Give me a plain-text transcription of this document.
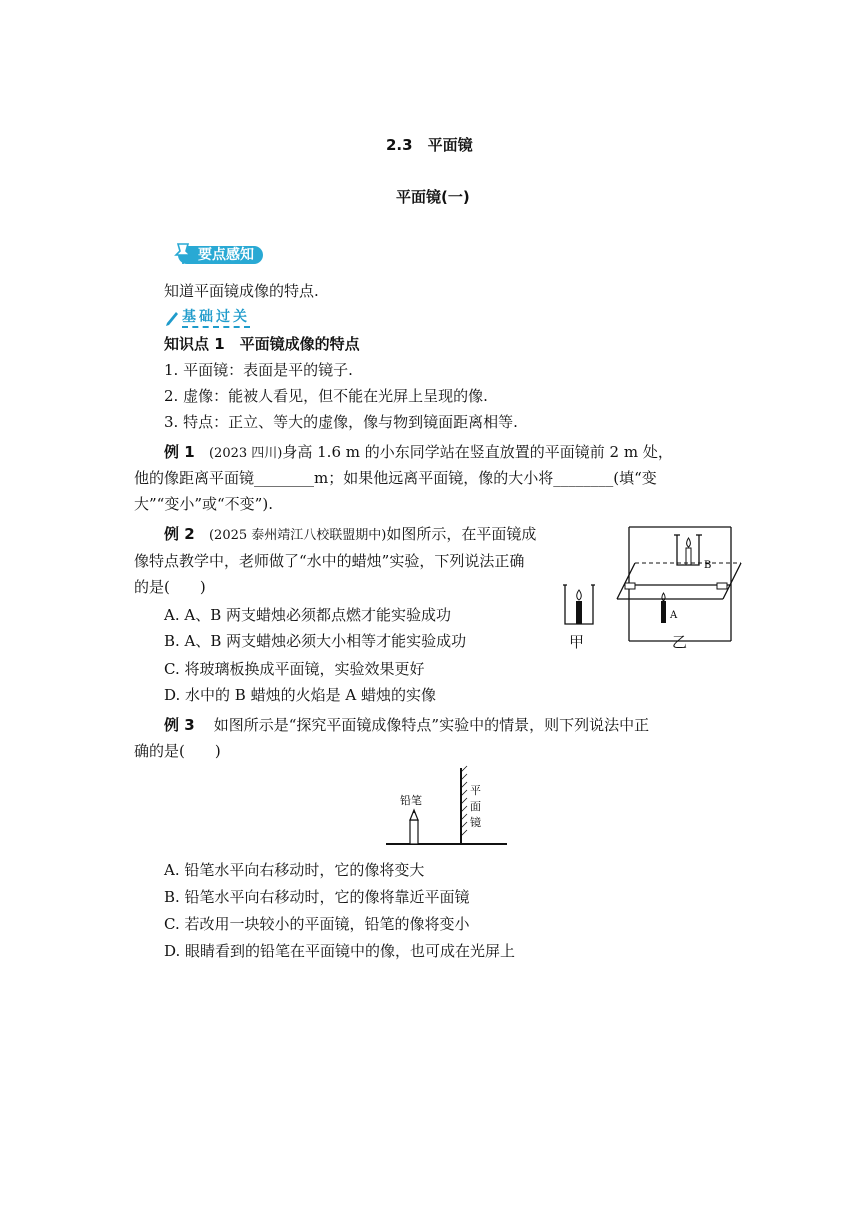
2.3　平面镜
平面镜(一)
要点感知
知道平面镜成像的特点.
基础过关
知识点 1　平面镜成像的特点
1. 平面镜：表面是平的镜子.
2. 虚像：能被人看见，但不能在光屏上呈现的像.
3. 特点：正立、等大的虚像，像与物到镜面距离相等.
例 1 (2023 四川)身高 1.6 m 的小东同学站在竖直放置的平面镜前 2 m 处，
他的像距离平面镜________m；如果他远离平面镜，像的大小将________(填“变
大”“变小”或“不变”).
例 2 (2025 泰州靖江八校联盟期中)如图所示，在平面镜成
像特点教学中，老师做了“水中的蜡烛”实验，下列说法正确
的是(　　)
A. A、B 两支蜡烛必须都点燃才能实验成功
B. A、B 两支蜡烛必须大小相等才能实验成功
C. 将玻璃板换成平面镜，实验效果更好
D. 水中的 B 蜡烛的火焰是 A 蜡烛的实像
B
A
甲	乙
例 3 如图所示是“探究平面镜成像特点”实验中的情景，则下列说法中正
确的是(　　)
铅笔
平
面
镜
A. 铅笔水平向右移动时，它的像将变大
B. 铅笔水平向右移动时，它的像将靠近平面镜
C. 若改用一块较小的平面镜，铅笔的像将变小
D. 眼睛看到的铅笔在平面镜中的像，也可成在光屏上
